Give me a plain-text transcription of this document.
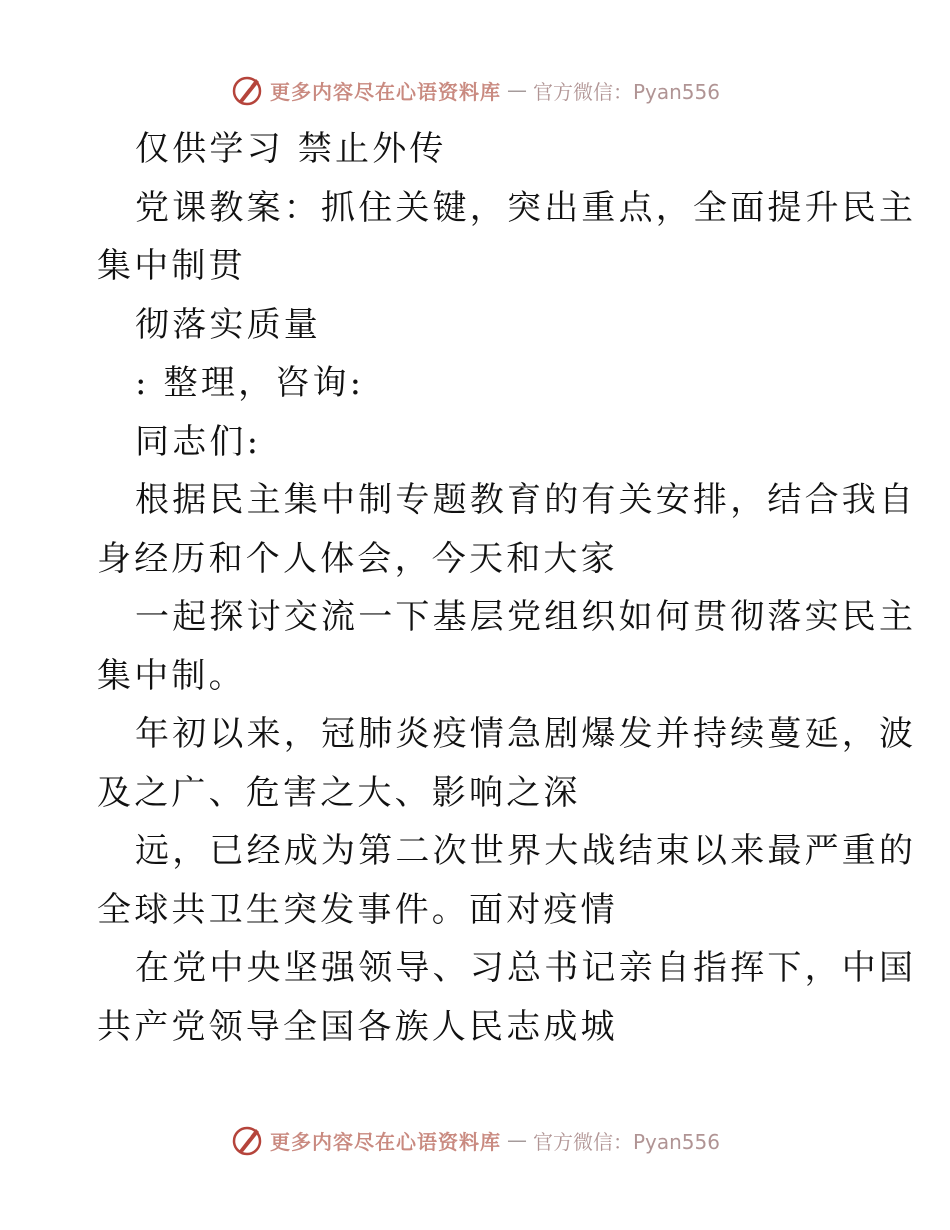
更多内容尽在心语资料库 — 官方微信：Pyan556
仅供学习 禁止外传
党课教案：抓住关键，突出重点，全面提升民主
集中制贯
彻落实质量
: 整理，咨询:
同志们:
根据民主集中制专题教育的有关安排，结合我自
身经历和个人体会，今天和大家
一起探讨交流一下基层党组织如何贯彻落实民主
集中制。
年初以来，冠肺炎疫情急剧爆发并持续蔓延，波
及之广、危害之大、影响之深
远，已经成为第二次世界大战结束以来最严重的
全球共卫生突发事件。面对疫情
在党中央坚强领导、习总书记亲自指挥下，中国
共产党领导全国各族人民志成城
更多内容尽在心语资料库 — 官方微信：Pyan556
